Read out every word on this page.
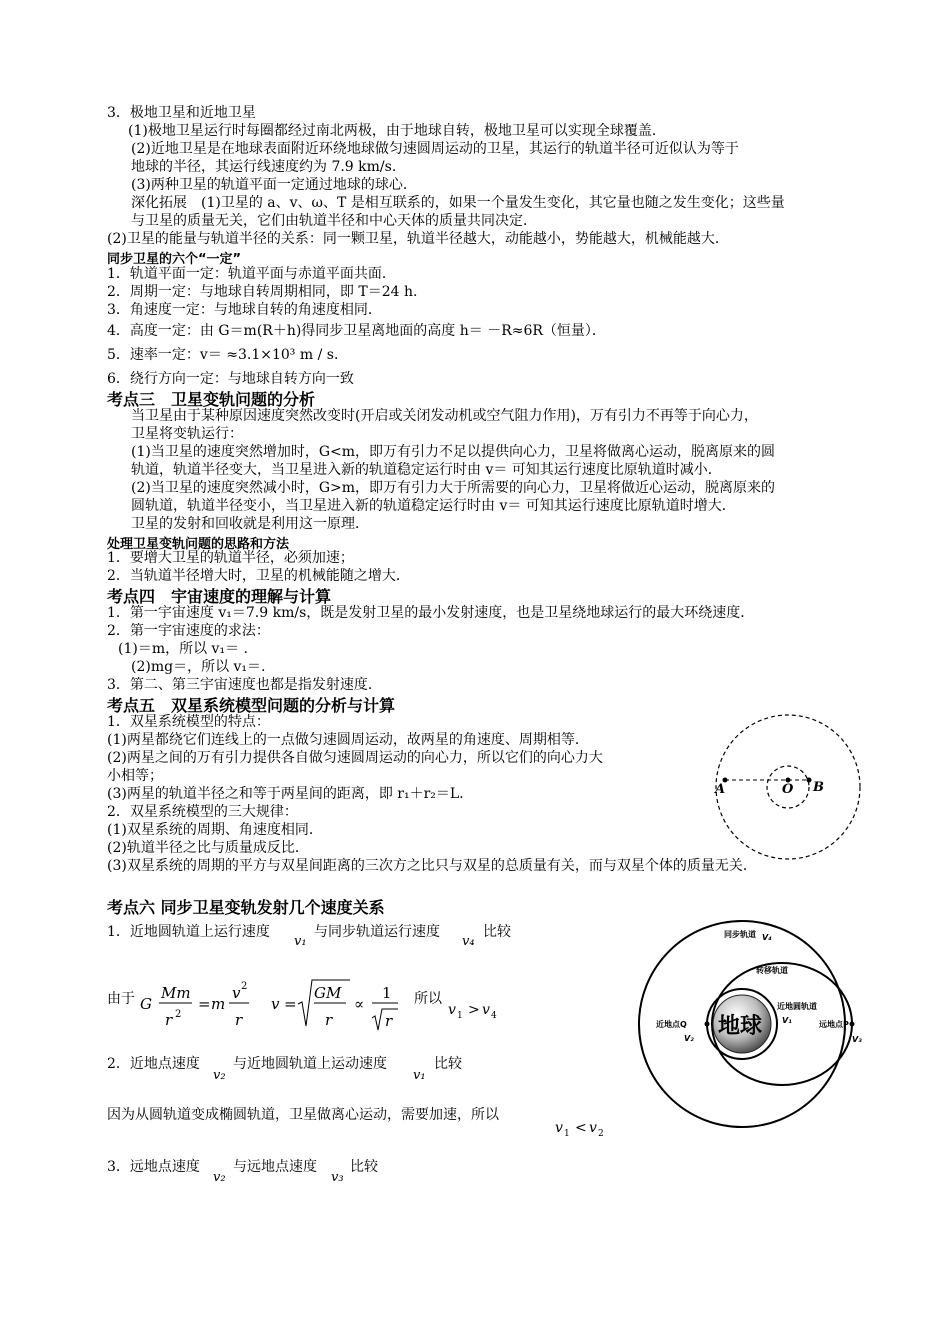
3．极地卫星和近地卫星
(1)极地卫星运行时每圈都经过南北两极，由于地球自转，极地卫星可以实现全球覆盖．
(2)近地卫星是在地球表面附近环绕地球做匀速圆周运动的卫星，其运行的轨道半径可近似认为等于
地球的半径，其运行线速度约为 7.9 km/s.
(3)两种卫星的轨道平面一定通过地球的球心．
深化拓展　(1)卫星的 a、v、ω、T 是相互联系的，如果一个量发生变化，其它量也随之发生变化；这些量
与卫星的质量无关，它们由轨道半径和中心天体的质量共同决定．
(2)卫星的能量与轨道半径的关系：同一颗卫星，轨道半径越大，动能越小，势能越大，机械能越大．
同步卫星的六个“一定”
1．轨道平面一定：轨道平面与赤道平面共面．
2．周期一定：与地球自转周期相同，即 T＝24 h.
3．角速度一定：与地球自转的角速度相同．
4．高度一定：由 G＝m(R＋h)得同步卫星离地面的高度 h＝ －R≈6R（恒量）．
5．速率一定：v＝ ≈3.1×10³ m / s．
6．绕行方向一定：与地球自转方向一致
考点三　卫星变轨问题的分析
当卫星由于某种原因速度突然改变时(开启或关闭发动机或空气阻力作用)，万有引力不再等于向心力，
卫星将变轨运行：
(1)当卫星的速度突然增加时，G<m，即万有引力不足以提供向心力，卫星将做离心运动，脱离原来的圆
轨道，轨道半径变大，当卫星进入新的轨道稳定运行时由 v＝ 可知其运行速度比原轨道时减小．
(2)当卫星的速度突然减小时，G>m，即万有引力大于所需要的向心力，卫星将做近心运动，脱离原来的
圆轨道，轨道半径变小，当卫星进入新的轨道稳定运行时由 v＝ 可知其运行速度比原轨道时增大．
卫星的发射和回收就是利用这一原理．
处理卫星变轨问题的思路和方法
1．要增大卫星的轨道半径，必须加速；
2．当轨道半径增大时，卫星的机械能随之增大．
考点四　宇宙速度的理解与计算
1．第一宇宙速度 v₁＝7.9 km/s，既是发射卫星的最小发射速度，也是卫星绕地球运行的最大环绕速度．
2．第一宇宙速度的求法：
(1)＝m，所以 v₁＝ .
(2)mg＝，所以 v₁＝.
3．第二、第三宇宙速度也都是指发射速度．
考点五　双星系统模型问题的分析与计算
1．双星系统模型的特点：
(1)两星都绕它们连线上的一点做匀速圆周运动，故两星的角速度、周期相等．
(2)两星之间的万有引力提供各自做匀速圆周运动的向心力，所以它们的向心力大
小相等；
(3)两星的轨道半径之和等于两星间的距离，即 r₁＋r₂＝L.
2．双星系统模型的三大规律：
(1)双星系统的周期、角速度相同．
(2)轨道半径之比与质量成反比．
(3)双星系统的周期的平方与双星间距离的三次方之比只与双星的总质量有关，而与双星个体的质量无关．
A	O B
考点六 同步卫星变轨发射几个速度关系
1．近地圆轨道上运行速度
v₁
与同步轨道运行速度
v₄
比较
由于 G
Mm
r 2
= m
v 2
r
v =
GM
r
∝
1
r
所以
v 1 > v 4
2．近地点速度
v₂
与近地圆轨道上运动速度
v₁
比较
因为从圆轨道变成椭圆轨道，卫星做离心运动，需要加速，所以
v 1 < v 2
3．远地点速度
v₂
与远地点速度
v₃
比较
地球
同步轨道 V₄
转移轨道
近地圆轨道
V₁
近地点Q
V₂
远地点P
V₃
